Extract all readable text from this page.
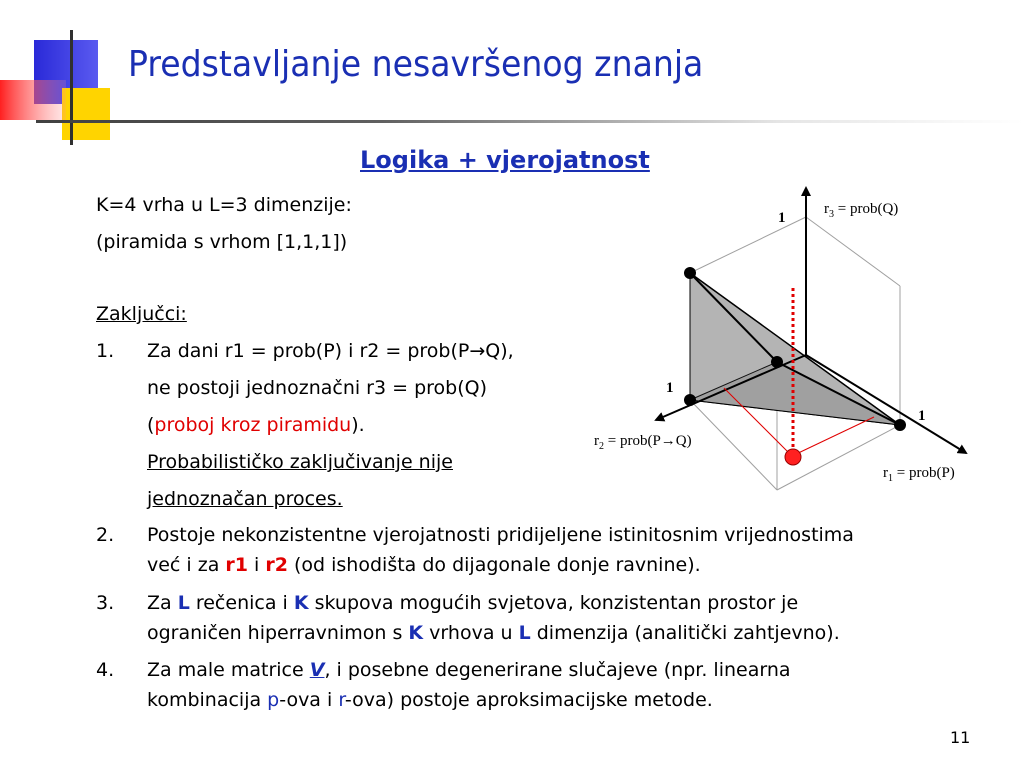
Predstavljanje nesavršenog znanja
Logika + vjerojatnost
K=4 vrha u L=3 dimenzije:
(piramida s vrhom [1,1,1])
Zaključci:
1. Za dani r1 = prob(P) i r2 = prob(P→Q),
ne postoji jednoznačni r3 = prob(Q)
(proboj kroz piramidu).
Probabilističko zaključivanje nije
jednoznačan proces.
2. Postoje nekonzistentne vjerojatnosti pridijeljene istinitosnim vrijednostima
već i za r1 i r2 (od ishodišta do dijagonale donje ravnine).
3. Za L rečenica i K skupova mogućih svjetova, konzistentan prostor je
ograničen hiperravnimon s K vrhova u L dimenzija (analitički zahtjevno).
4. Za male matrice V, i posebne degenerirane slučajeve (npr. linearna
kombinacija p-ova i r-ova) postoje aproksimacijske metode.
1
1
1
$r_3$ = prob(Q)
$r_2$ = prob(P→Q)
$r_1$ = prob(P)
11
